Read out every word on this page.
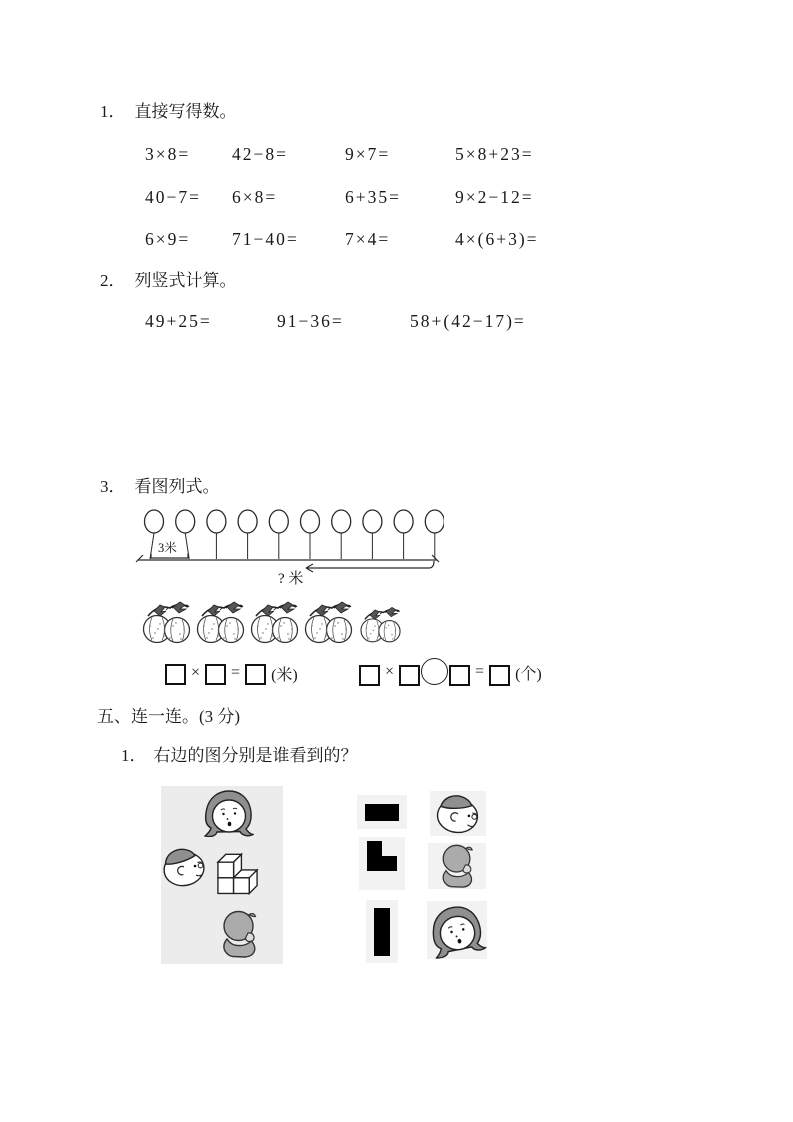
1． 直接写得数。
3×8= 42−8=	9×7=	5×8+23=
40−7= 6×8=	6+35=	9×2−12=
6×9= 71−40=	7×4=	4×(6+3)=
2． 列竖式计算。
49+25=	91−36=	58+(42−17)=
3． 看图列式。
3米
? 米
× = (米)	×	= (个)
五、连一连。(3 分)
1． 右边的图分别是谁看到的？
